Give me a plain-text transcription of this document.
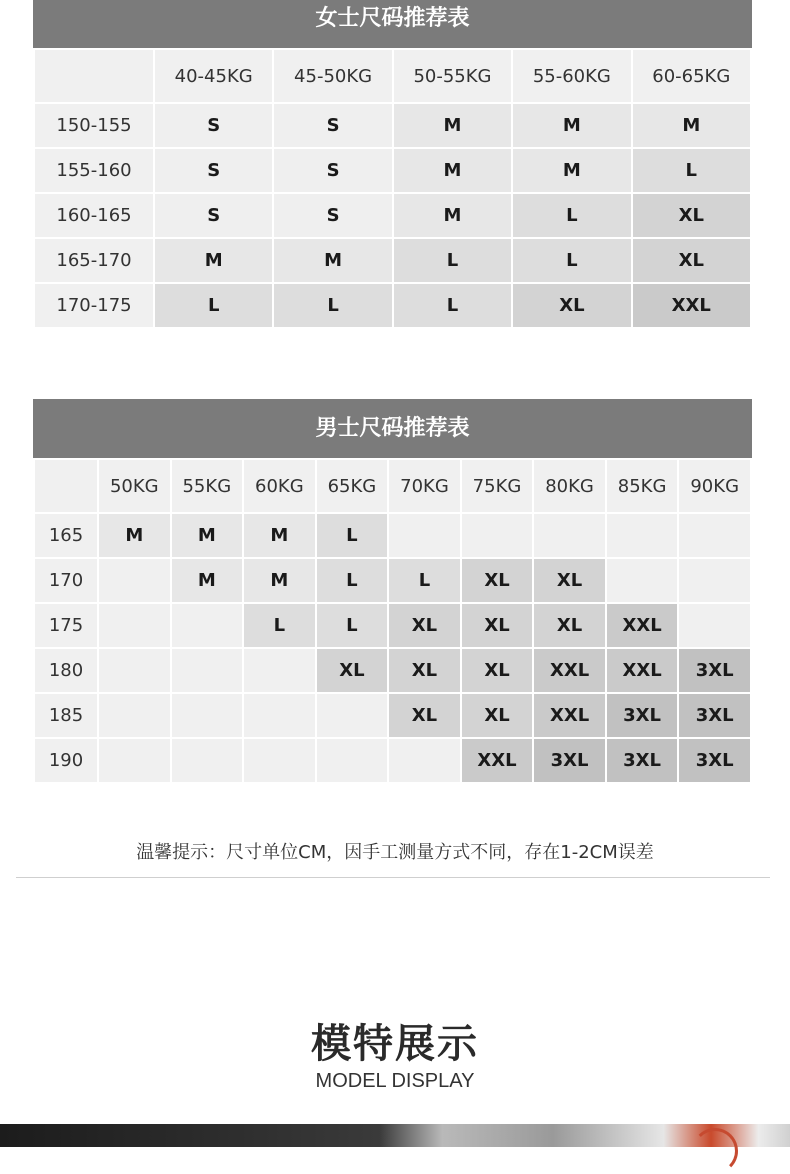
女士尺码推荐表
	40-45KG	45-50KG	50-55KG	55-60KG	60-65KG
150-155	S	S	M	M	M
155-160	S	S	M	M	L
160-165	S	S	M	L	XL
165-170	M	M	L	L	XL
170-175	L	L	L	XL	XXL
男士尺码推荐表
	50KG	55KG	60KG	65KG	70KG	75KG	80KG	85KG	90KG
165	M	M	M	L					
170		M	M	L	L	XL	XL		
175			L	L	XL	XL	XL	XXL	
180				XL	XL	XL	XXL	XXL	3XL
185					XL	XL	XXL	3XL	3XL
190						XXL	3XL	3XL	3XL
温馨提示：尺寸单位CM，因手工测量方式不同，存在1-2CM误差
模特展示
MODEL DISPLAY
